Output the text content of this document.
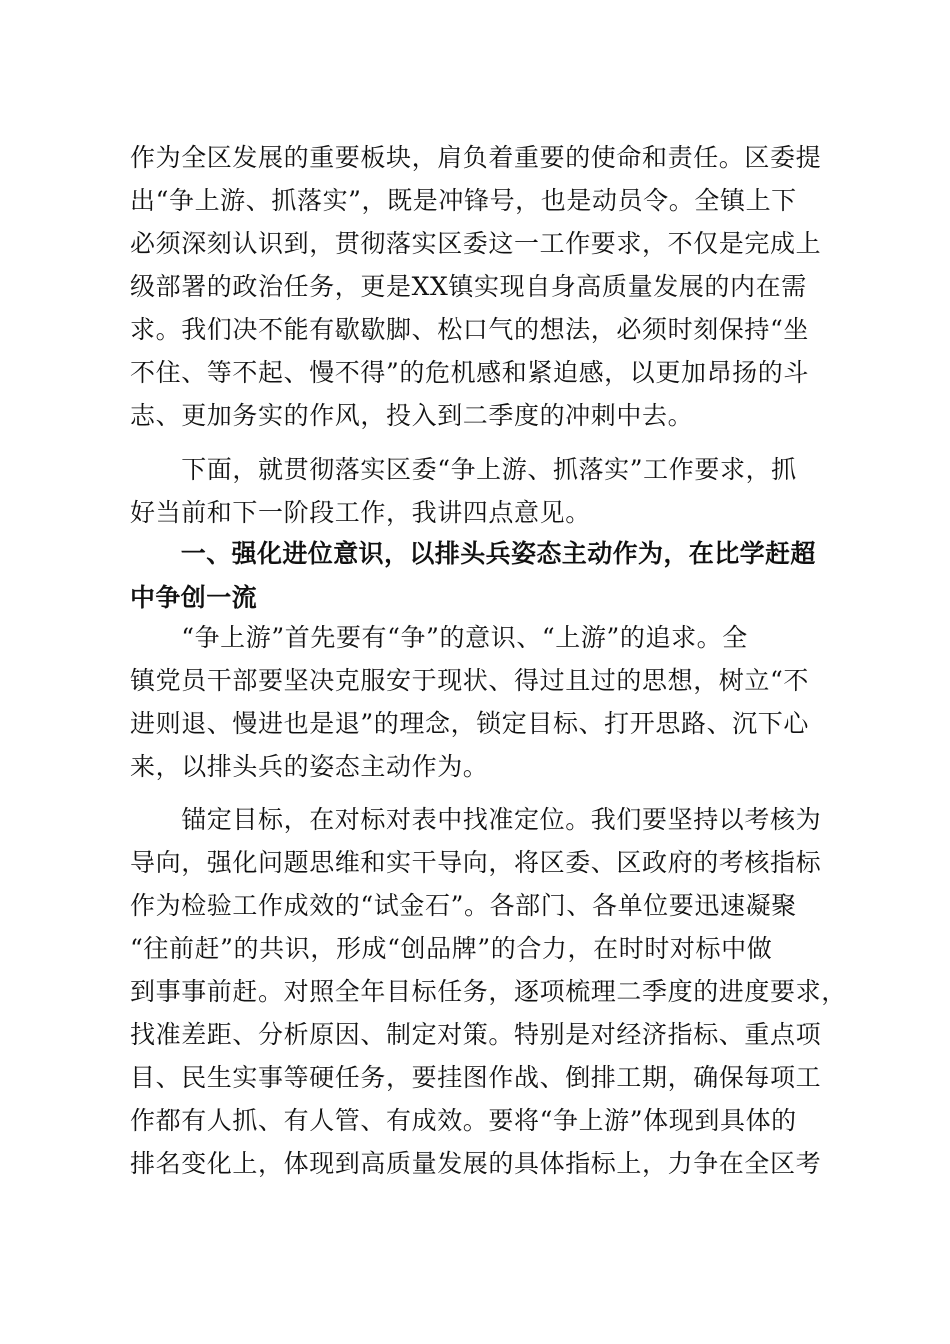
作为全区发展的重要板块，肩负着重要的使命和责任。区委提
出“争上游、抓落实”，既是冲锋号，也是动员令。全镇上下
必须深刻认识到，贯彻落实区委这一工作要求，不仅是完成上
级部署的政治任务，更是XX镇实现自身高质量发展的内在需
求。我们决不能有歇歇脚、松口气的想法，必须时刻保持“坐
不住、等不起、慢不得”的危机感和紧迫感，以更加昂扬的斗
志、更加务实的作风，投入到二季度的冲刺中去。
　　下面，就贯彻落实区委“争上游、抓落实”工作要求，抓
好当前和下一阶段工作，我讲四点意见。
　　一、强化进位意识，以排头兵姿态主动作为，在比学赶超
中争创一流
　　“争上游”首先要有“争”的意识、“上游”的追求。全
镇党员干部要坚决克服安于现状、得过且过的思想，树立“不
进则退、慢进也是退”的理念，锁定目标、打开思路、沉下心
来，以排头兵的姿态主动作为。
　　锚定目标，在对标对表中找准定位。我们要坚持以考核为
导向，强化问题思维和实干导向，将区委、区政府的考核指标
作为检验工作成效的“试金石”。各部门、各单位要迅速凝聚
“往前赶”的共识，形成“创品牌”的合力，在时时对标中做
到事事前赶。对照全年目标任务，逐项梳理二季度的进度要求，
找准差距、分析原因、制定对策。特别是对经济指标、重点项
目、民生实事等硬任务，要挂图作战、倒排工期，确保每项工
作都有人抓、有人管、有成效。要将“争上游”体现到具体的
排名变化上，体现到高质量发展的具体指标上，力争在全区考
